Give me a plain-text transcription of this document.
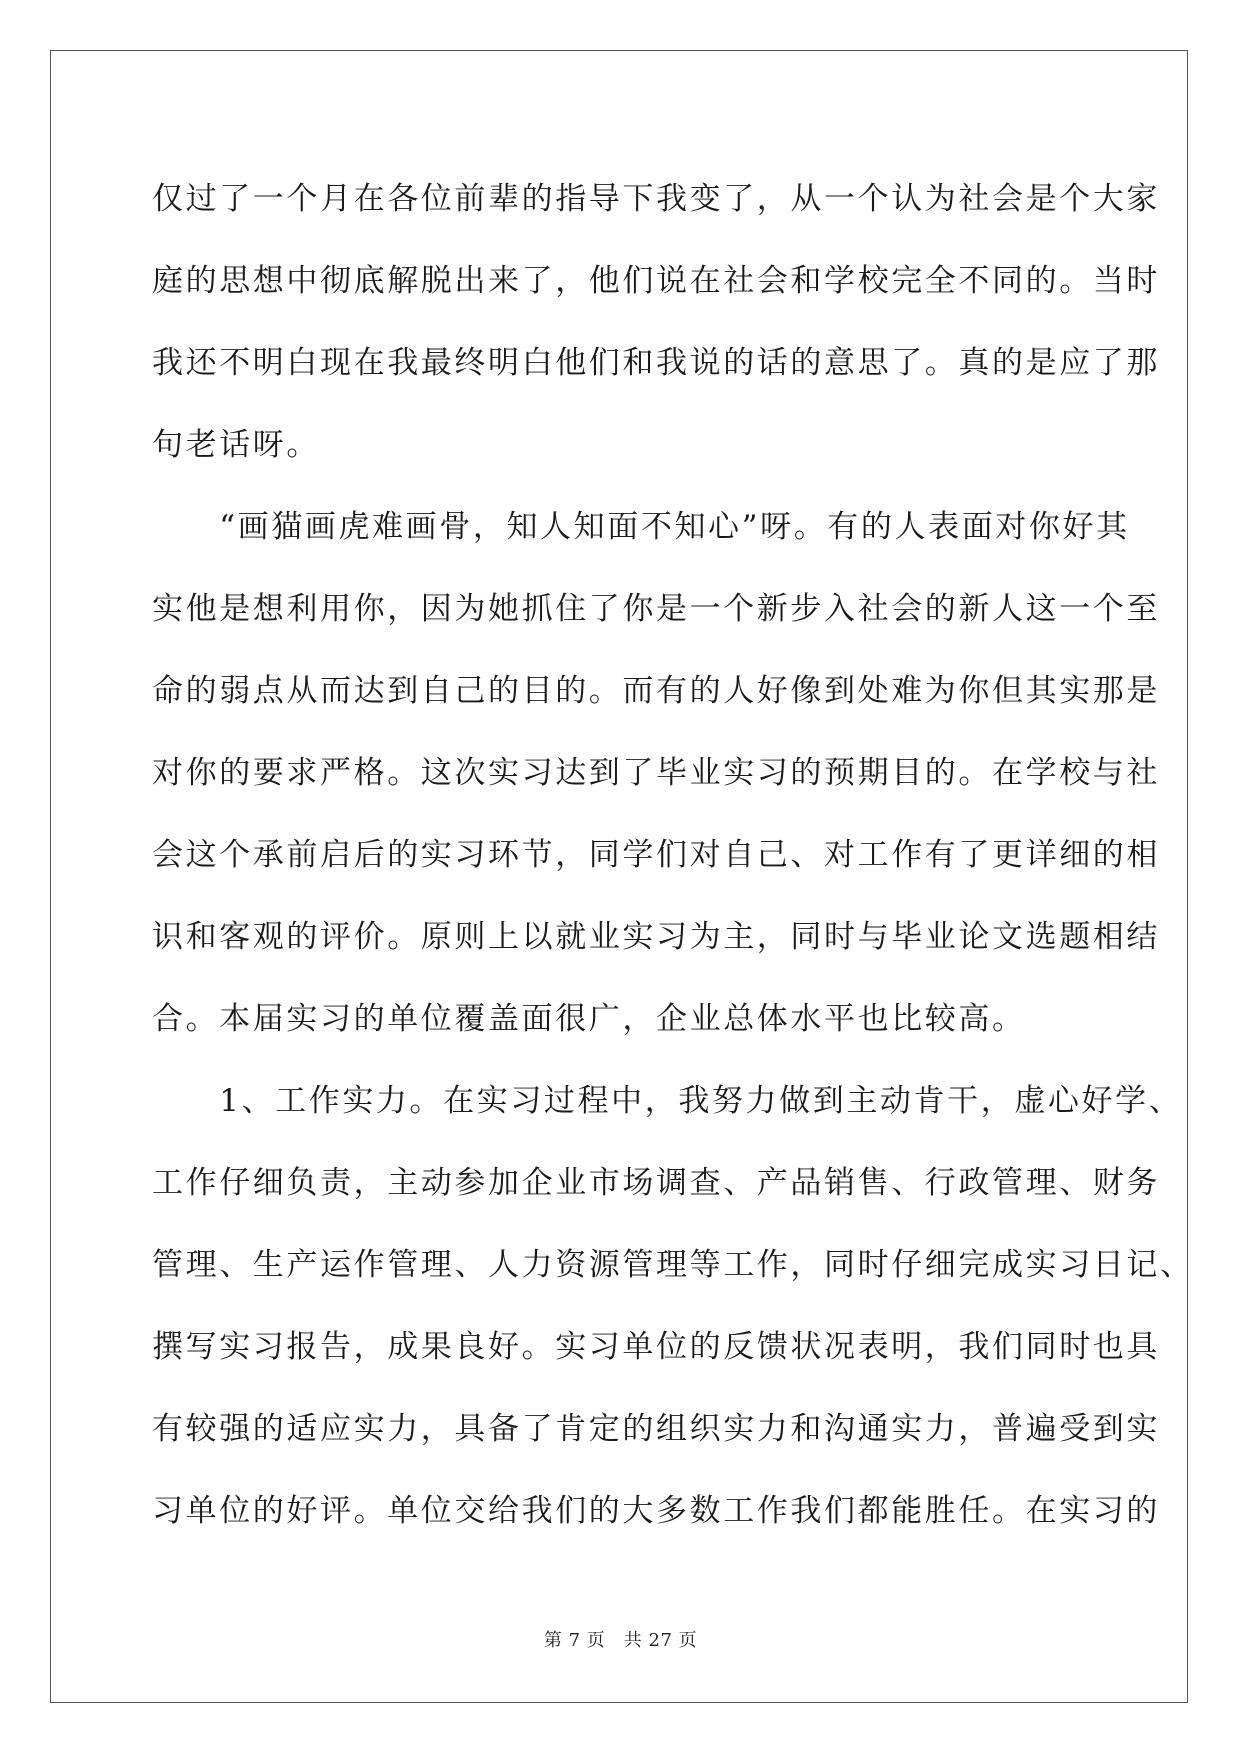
仅过了一个月在各位前辈的指导下我变了，从一个认为社会是个大家
庭的思想中彻底解脱出来了，他们说在社会和学校完全不同的。当时
我还不明白现在我最终明白他们和我说的话的意思了。真的是应了那
句老话呀。
　　“画猫画虎难画骨，知人知面不知心”呀。有的人表面对你好其
实他是想利用你，因为她抓住了你是一个新步入社会的新人这一个至
命的弱点从而达到自己的目的。而有的人好像到处难为你但其实那是
对你的要求严格。这次实习达到了毕业实习的预期目的。在学校与社
会这个承前启后的实习环节，同学们对自己、对工作有了更详细的相
识和客观的评价。原则上以就业实习为主，同时与毕业论文选题相结
合。本届实习的单位覆盖面很广，企业总体水平也比较高。
　　1、工作实力。在实习过程中，我努力做到主动肯干，虚心好学、
工作仔细负责，主动参加企业市场调查、产品销售、行政管理、财务
管理、生产运作管理、人力资源管理等工作，同时仔细完成实习日记、
撰写实习报告，成果良好。实习单位的反馈状况表明，我们同时也具
有较强的适应实力，具备了肯定的组织实力和沟通实力，普遍受到实
习单位的好评。单位交给我们的大多数工作我们都能胜任。在实习的
第 7 页　共 27 页
